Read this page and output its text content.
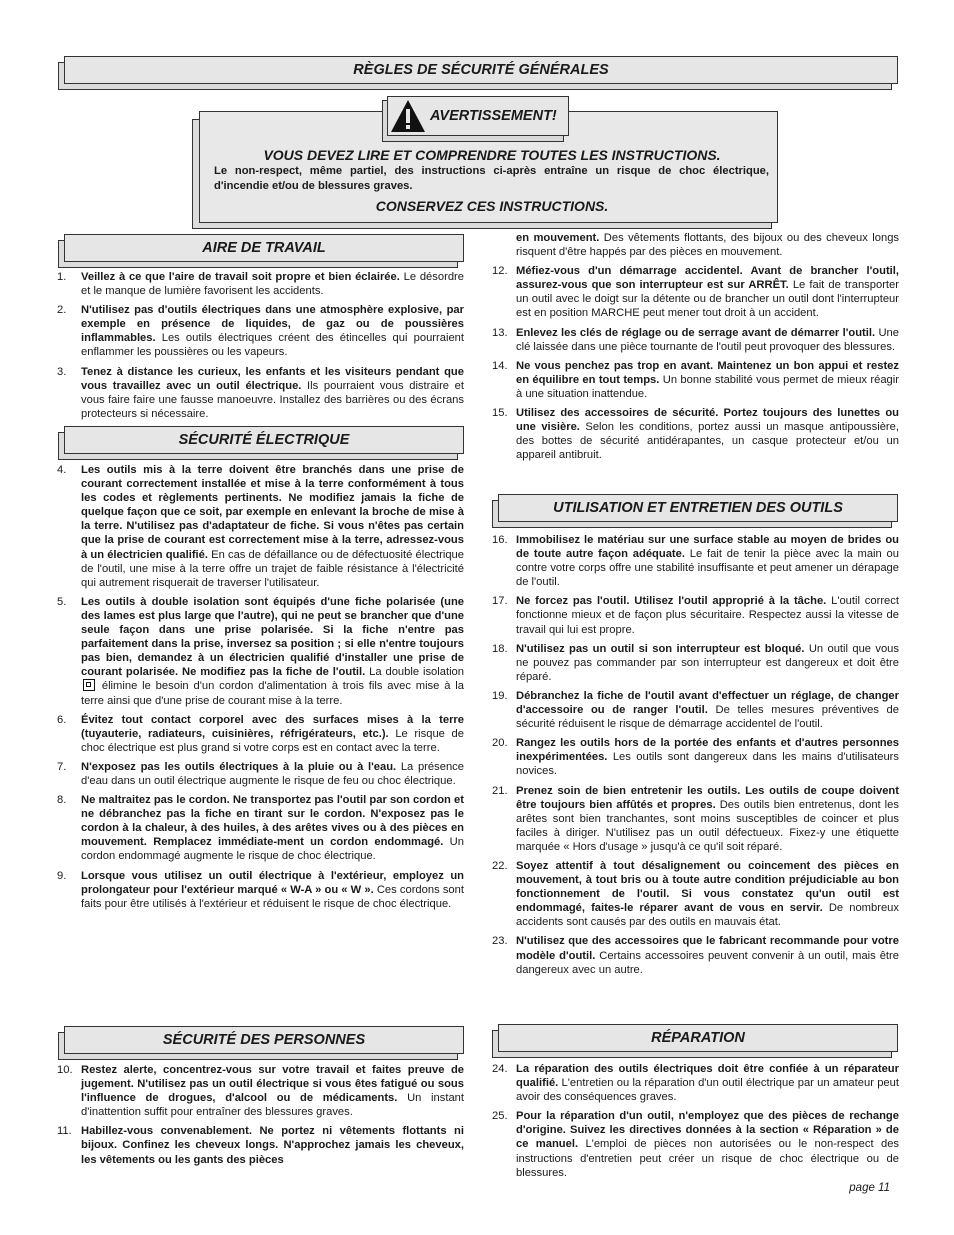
RÈGLES DE SÉCURITÉ GÉNÉRALES
AVERTISSEMENT!
VOUS DEVEZ LIRE ET COMPRENDRE TOUTES LES INSTRUCTIONS.
Le non-respect, même partiel, des instructions ci-après entraîne un risque de choc électrique, d'incendie et/ou de blessures graves.
CONSERVEZ CES INSTRUCTIONS.
AIRE DE TRAVAIL
SÉCURITÉ ÉLECTRIQUE
SÉCURITÉ DES PERSONNES
UTILISATION ET ENTRETIEN DES OUTILS
RÉPARATION
1. Veillez à ce que l'aire de travail soit propre et bien éclairée. Le désordre et le manque de lumière favorisent les accidents.
2. N'utilisez pas d'outils électriques dans une atmosphère explosive, par exemple en présence de liquides, de gaz ou de poussières inflammables. Les outils électriques créent des étincelles qui pourraient enflammer les poussières ou les vapeurs.
3. Tenez à distance les curieux, les enfants et les visiteurs pendant que vous travaillez avec un outil électrique. Ils pourraient vous distraire et vous faire faire une fausse manoeuvre. Installez des barrières ou des écrans protecteurs si nécessaire.
4. Les outils mis à la terre doivent être branchés dans une prise de courant correctement installée et mise à la terre conformément à tous les codes et règlements pertinents. Ne modifiez jamais la fiche de quelque façon que ce soit, par exemple en enlevant la broche de mise à la terre. N'utilisez pas d'adaptateur de fiche. Si vous n'êtes pas certain que la prise de courant est correctement mise à la terre, adressez-vous à un électricien qualifié. En cas de défaillance ou de défectuosité électrique de l'outil, une mise à la terre offre un trajet de faible résistance à l'électricité qui autrement risquerait de traverser l'utilisateur.
5. Les outils à double isolation sont équipés d'une fiche polarisée (une des lames est plus large que l'autre), qui ne peut se brancher que d'une seule façon dans une prise polarisée. Si la fiche n'entre pas parfaitement dans la prise, inversez sa position ; si elle n'entre toujours pas bien, demandez à un électricien qualifié d'installer une prise de courant polarisée. Ne modifiez pas la fiche de l'outil. La double isolation  élimine le besoin d'un cordon d'alimentation à trois fils avec mise à la terre ainsi que d'une prise de courant mise à la terre.
6. Évitez tout contact corporel avec des surfaces mises à la terre (tuyauterie, radiateurs, cuisinières, réfrigérateurs, etc.). Le risque de choc électrique est plus grand si votre corps est en contact avec la terre.
7. N'exposez pas les outils électriques à la pluie ou à l'eau. La présence d'eau dans un outil électrique augmente le risque de feu ou choc électrique.
8. Ne maltraitez pas le cordon. Ne transportez pas l'outil par son cordon et ne débranchez pas la fiche en tirant sur le cordon. N'exposez pas le cordon à la chaleur, à des huiles, à des arêtes vives ou à des pièces en mouvement. Remplacez immédiate-ment un cordon endommagé. Un cordon endommagé augmente le risque de choc électrique.
9. Lorsque vous utilisez un outil électrique à l'extérieur, employez un prolongateur pour l'extérieur marqué « W-A » ou « W ». Ces cordons sont faits pour être utilisés à l'extérieur et réduisent le risque de choc électrique.
10. Restez alerte, concentrez-vous sur votre travail et faites preuve de jugement. N'utilisez pas un outil électrique si vous êtes fatigué ou sous l'influence de drogues, d'alcool ou de médicaments. Un instant d'inattention suffit pour entraîner des blessures graves.
11. Habillez-vous convenablement. Ne portez ni vêtements flottants ni bijoux. Confinez les cheveux longs. N'approchez jamais les cheveux, les vêtements ou les gants des pièces
en mouvement. Des vêtements flottants, des bijoux ou des cheveux longs risquent d'être happés par des pièces en mouvement.
12. Méfiez-vous d'un démarrage accidentel. Avant de brancher l'outil, assurez-vous que son interrupteur est sur ARRÊT. Le fait de transporter un outil avec le doigt sur la détente ou de brancher un outil dont l'interrupteur est en position MARCHE peut mener tout droit à un accident.
13. Enlevez les clés de réglage ou de serrage avant de démarrer l'outil. Une clé laissée dans une pièce tournante de l'outil peut provoquer des blessures.
14. Ne vous penchez pas trop en avant. Maintenez un bon appui et restez en équilibre en tout temps. Un bonne stabilité vous permet de mieux réagir à une situation inattendue.
15. Utilisez des accessoires de sécurité. Portez toujours des lunettes ou une visière. Selon les conditions, portez aussi un masque antipoussière, des bottes de sécurité antidérapantes, un casque protecteur et/ou un appareil antibruit.
16. Immobilisez le matériau sur une surface stable au moyen de brides ou de toute autre façon adéquate. Le fait de tenir la pièce avec la main ou contre votre corps offre une stabilité insuffisante et peut amener un dérapage de l'outil.
17. Ne forcez pas l'outil. Utilisez l'outil approprié à la tâche. L'outil correct fonctionne mieux et de façon plus sécuritaire. Respectez aussi la vitesse de travail qui lui est propre.
18. N'utilisez pas un outil si son interrupteur est bloqué. Un outil que vous ne pouvez pas commander par son interrupteur est dangereux et doit être réparé.
19. Débranchez la fiche de l'outil avant d'effectuer un réglage, de changer d'accessoire ou de ranger l'outil. De telles mesures préventives de sécurité réduisent le risque de démarrage accidentel de l'outil.
20. Rangez les outils hors de la portée des enfants et d'autres personnes inexpérimentées. Les outils sont dangereux dans les mains d'utilisateurs novices.
21. Prenez soin de bien entretenir les outils. Les outils de coupe doivent être toujours bien affûtés et propres. Des outils bien entretenus, dont les arêtes sont bien tranchantes, sont moins susceptibles de coincer et plus faciles à diriger. N'utilisez pas un outil défectueux. Fixez-y une étiquette marquée « Hors d'usage » jusqu'à ce qu'il soit réparé.
22. Soyez attentif à tout désalignement ou coincement des pièces en mouvement, à tout bris ou à toute autre condition préjudiciable au bon fonctionnement de l'outil. Si vous constatez qu'un outil est endommagé, faites-le réparer avant de vous en servir. De nombreux accidents sont causés par des outils en mauvais état.
23. N'utilisez que des accessoires que le fabricant recommande pour votre modèle d'outil. Certains accessoires peuvent convenir à un outil, mais être dangereux avec un autre.
24. La réparation des outils électriques doit être confiée à un réparateur qualifié. L'entretien ou la réparation d'un outil électrique par un amateur peut avoir des conséquences graves.
25. Pour la réparation d'un outil, n'employez que des pièces de rechange d'origine. Suivez les directives données à la section « Réparation » de ce manuel. L'emploi de pièces non autorisées ou le non-respect des instructions d'entretien peut créer un risque de choc électrique ou de blessures.
page 11
